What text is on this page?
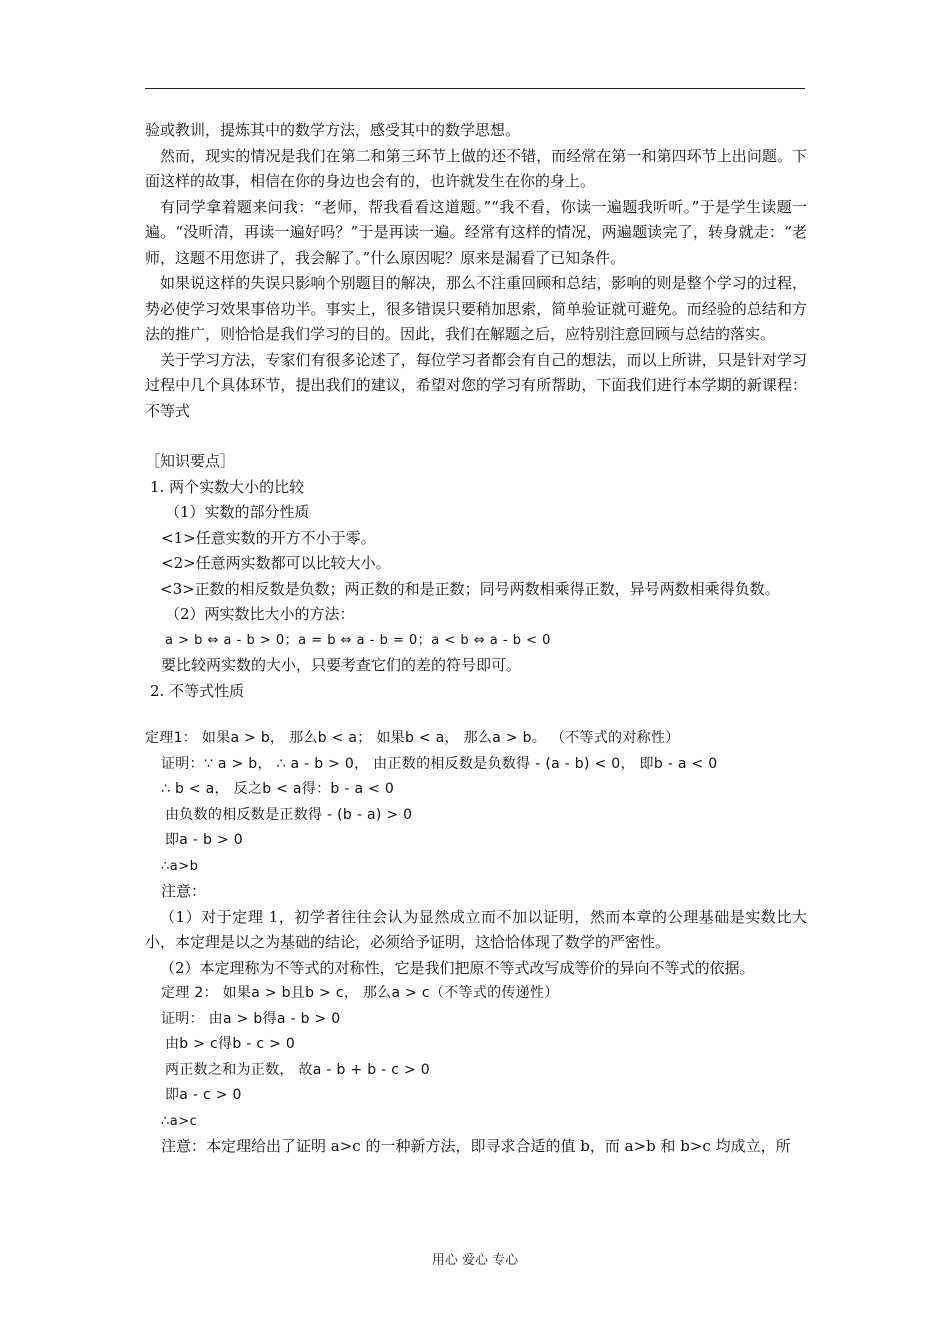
验或教训，提炼其中的数学方法，感受其中的数学思想。

然而，现实的情况是我们在第二和第三环节上做的还不错，而经常在第一和第四环节上出问题。下面这样的故事，相信在你的身边也会有的，也许就发生在你的身上。

有同学拿着题来问我：“老师，帮我看看这道题。”“我不看，你读一遍题我听听。”于是学生读题一遍。“没听清，再读一遍好吗？”于是再读一遍。经常有这样的情况，两遍题读完了，转身就走：“老师，这题不用您讲了，我会解了。”什么原因呢？原来是漏看了已知条件。

如果说这样的失误只影响个别题目的解决，那么不注重回顾和总结，影响的则是整个学习的过程，势必使学习效果事倍功半。事实上，很多错误只要稍加思索，简单验证就可避免。而经验的总结和方法的推广，则恰恰是我们学习的目的。因此，我们在解题之后，应特别注意回顾与总结的落实。

关于学习方法，专家们有很多论述了，每位学习者都会有自己的想法，而以上所讲，只是针对学习过程中几个具体环节，提出我们的建议，希望对您的学习有所帮助，下面我们进行本学期的新课程：不等式

［知识要点］

1. 两个实数大小的比较

（1）实数的部分性质

<1>任意实数的开方不小于零。

<2>任意两实数都可以比较大小。

<3>正数的相反数是负数；两正数的和是正数；同号两数相乘得正数，异号两数相乘得负数。

（2）两实数比大小的方法：

a > b ⇔ a - b > 0；a = b ⇔ a - b = 0；a < b ⇔ a - b < 0

要比较两实数的大小，只要考查它们的差的符号即可。

2. 不等式性质

定理1： 如果a > b， 那么b < a； 如果b < a， 那么a > b。 （不等式的对称性）

证明：∵ a > b， ∴ a - b > 0， 由正数的相反数是负数得 - (a - b) < 0， 即b - a < 0

∴ b < a， 反之b < a得：b - a < 0

由负数的相反数是正数得 - (b - a) > 0

即a - b > 0

∴a>b

注意：

（1）对于定理 1，初学者往往会认为显然成立而不加以证明，然而本章的公理基础是实数比大小，本定理是以之为基础的结论，必须给予证明，这恰恰体现了数学的严密性。

（2）本定理称为不等式的对称性，它是我们把原不等式改写成等价的异向不等式的依据。

定理 2： 如果a > b且b > c， 那么a > c（不等式的传递性）

证明： 由a > b得a - b > 0

由b > c得b - c > 0

两正数之和为正数， 故a - b + b - c > 0

即a - c > 0

∴a>c

注意：本定理给出了证明 a>c 的一种新方法，即寻求合适的值 b，而 a>b 和 b>c 均成立，所

用心 爱心 专心
